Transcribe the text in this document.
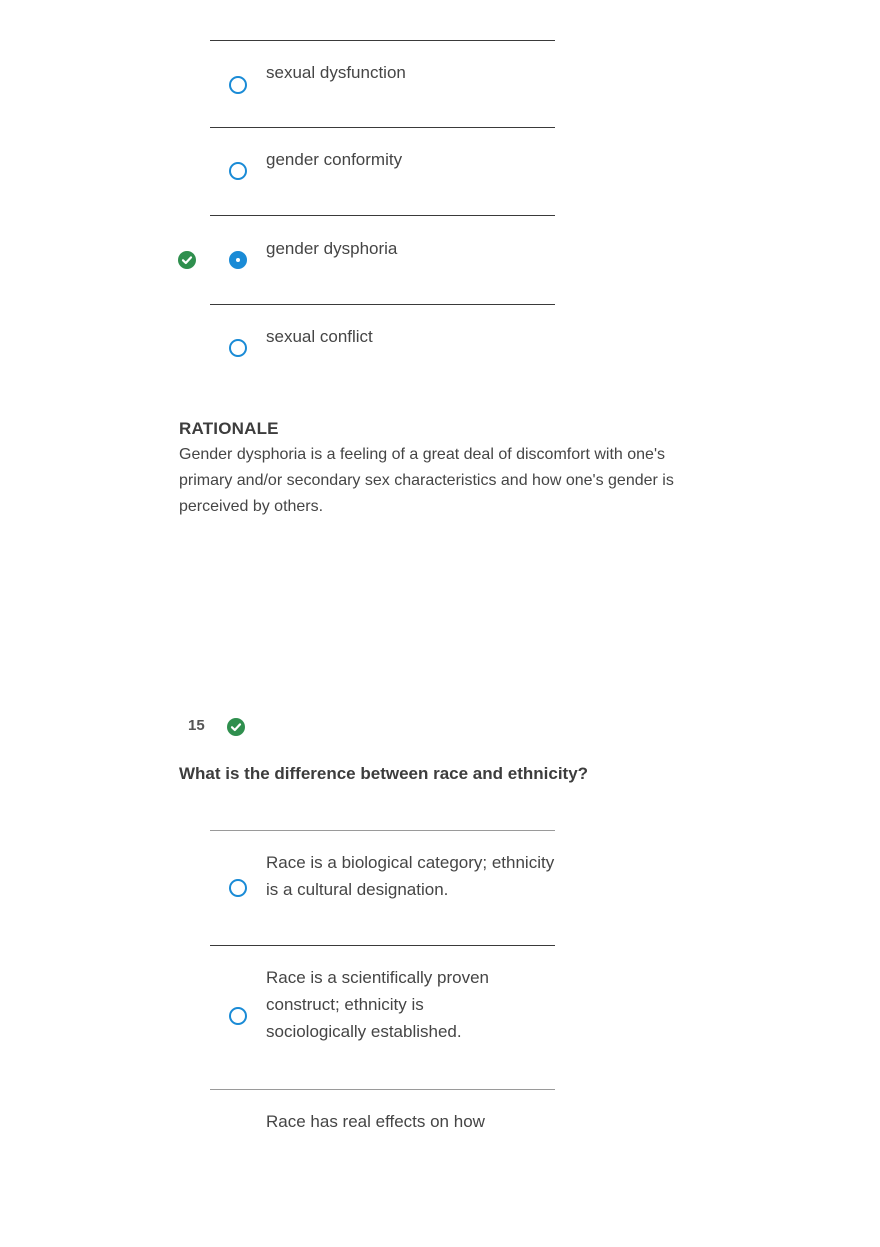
sexual dysfunction
gender conformity
gender dysphoria
sexual conflict
RATIONALE
Gender dysphoria is a feeling of a great deal of discomfort with one's primary and/or secondary sex characteristics and how one's gender is perceived by others.
15
What is the difference between race and ethnicity?
Race is a biological category; ethnicity is a cultural designation.
Race is a scientifically proven construct; ethnicity is sociologically established.
Race has real effects on how
